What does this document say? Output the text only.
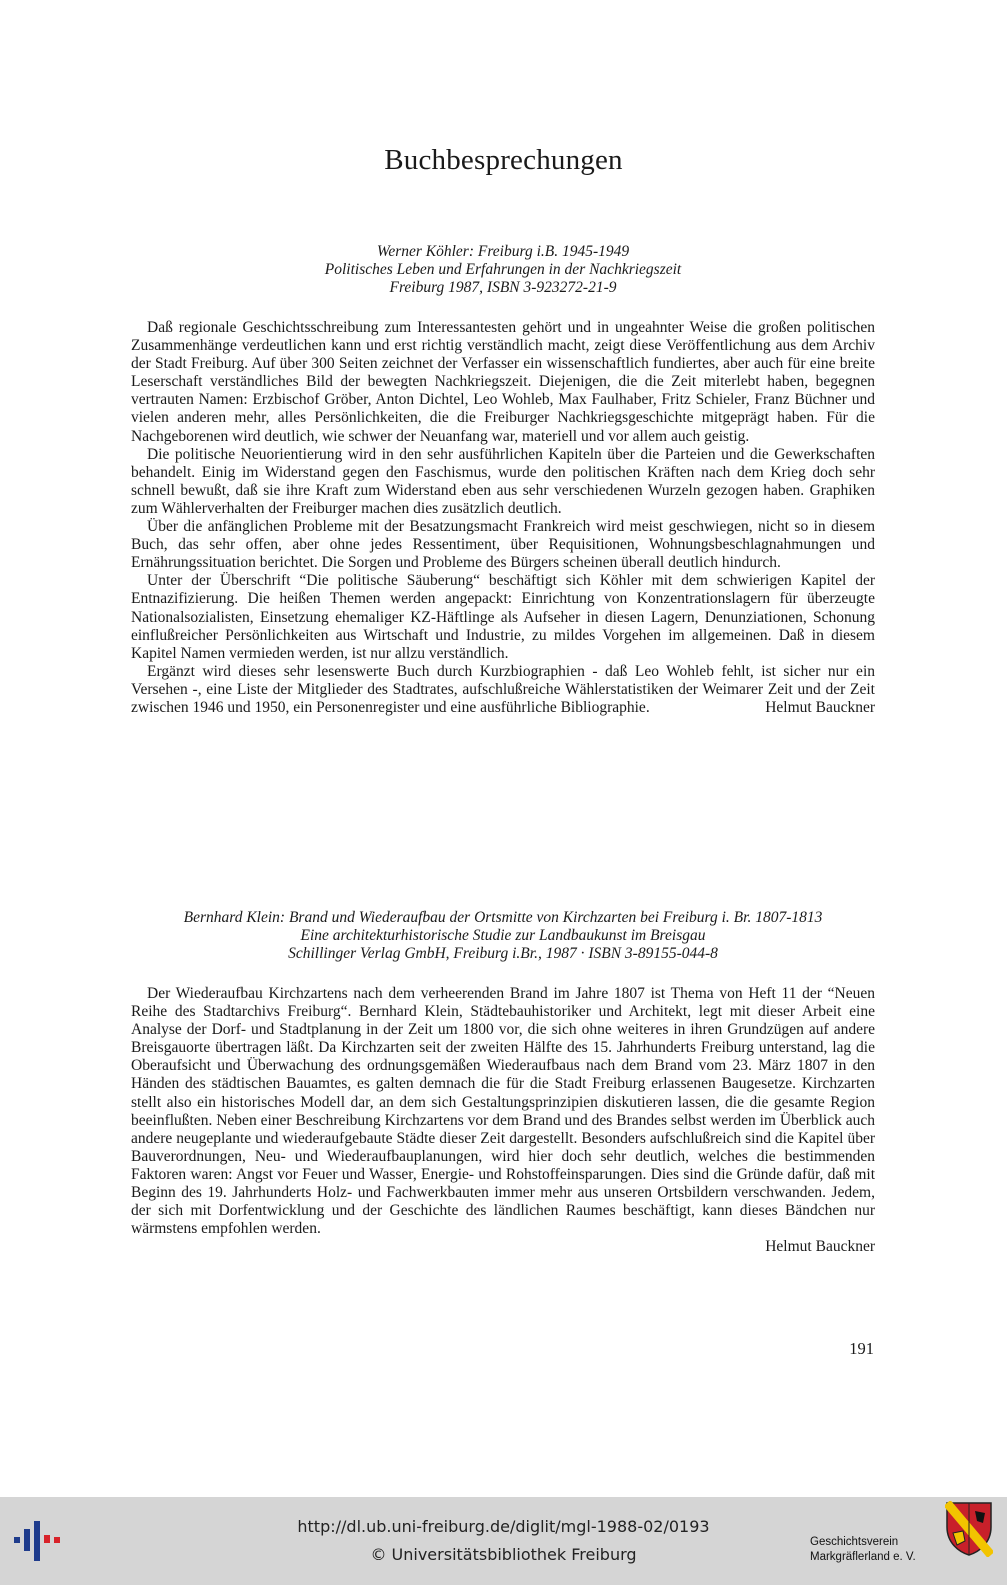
Buchbesprechungen
Werner Köhler: Freiburg i.B. 1945-1949
Politisches Leben und Erfahrungen in der Nachkriegszeit
Freiburg 1987, ISBN 3-923272-21-9

Daß regionale Geschichtsschreibung zum Interessantesten gehört und in ungeahnter Weise die großen politischen Zusammenhänge verdeutlichen kann und erst richtig verständlich macht, zeigt diese Veröffentlichung aus dem Archiv der Stadt Freiburg. Auf über 300 Seiten zeichnet der Verfasser ein wissenschaftlich fundiertes, aber auch für eine breite Leserschaft verständliches Bild der bewegten Nachkriegszeit. Diejenigen, die die Zeit miterlebt haben, begegnen vertrauten Namen: Erzbischof Gröber, Anton Dichtel, Leo Wohleb, Max Faulhaber, Fritz Schieler, Franz Büchner und vielen anderen mehr, alles Persönlichkeiten, die die Freiburger Nachkriegsgeschichte mitgeprägt haben. Für die Nachgeborenen wird deutlich, wie schwer der Neuanfang war, materiell und vor allem auch geistig.

Die politische Neuorientierung wird in den sehr ausführlichen Kapiteln über die Parteien und die Gewerkschaften behandelt. Einig im Widerstand gegen den Faschismus, wurde den politischen Kräften nach dem Krieg doch sehr schnell bewußt, daß sie ihre Kraft zum Widerstand eben aus sehr verschiedenen Wurzeln gezogen haben. Graphiken zum Wählerverhalten der Freiburger machen dies zusätzlich deutlich.

Über die anfänglichen Probleme mit der Besatzungsmacht Frankreich wird meist geschwiegen, nicht so in diesem Buch, das sehr offen, aber ohne jedes Ressentiment, über Requisitionen, Wohnungsbeschlagnahmungen und Ernährungssituation berichtet. Die Sorgen und Probleme des Bürgers scheinen überall deutlich hindurch.

Unter der Überschrift “Die politische Säuberung“ beschäftigt sich Köhler mit dem schwierigen Kapitel der Entnazifizierung. Die heißen Themen werden angepackt: Einrichtung von Konzentrationslagern für überzeugte Nationalsozialisten, Einsetzung ehemaliger KZ-Häftlinge als Aufseher in diesen Lagern, Denunziationen, Schonung einflußreicher Persönlichkeiten aus Wirtschaft und Industrie, zu mildes Vorgehen im allgemeinen. Daß in diesem Kapitel Namen vermieden werden, ist nur allzu verständlich.

Ergänzt wird dieses sehr lesenswerte Buch durch Kurzbiographien - daß Leo Wohleb fehlt, ist sicher nur ein Versehen -, eine Liste der Mitglieder des Stadtrates, aufschlußreiche Wählerstatistiken der Weimarer Zeit und der Zeit zwischen 1946 und 1950, ein Personenregister und eine ausführliche Bibliographie.	Helmut Bauckner

Bernhard Klein: Brand und Wiederaufbau der Ortsmitte von Kirchzarten bei Freiburg i. Br. 1807-1813
Eine architekturhistorische Studie zur Landbaukunst im Breisgau
Schillinger Verlag GmbH, Freiburg i.Br., 1987 · ISBN 3-89155-044-8

Der Wiederaufbau Kirchzartens nach dem verheerenden Brand im Jahre 1807 ist Thema von Heft 11 der “Neuen Reihe des Stadtarchivs Freiburg“. Bernhard Klein, Städtebauhistoriker und Architekt, legt mit dieser Arbeit eine Analyse der Dorf- und Stadtplanung in der Zeit um 1800 vor, die sich ohne weiteres in ihren Grundzügen auf andere Breisgauorte übertragen läßt. Da Kirchzarten seit der zweiten Hälfte des 15. Jahrhunderts Freiburg unterstand, lag die Oberaufsicht und Überwachung des ordnungsgemäßen Wiederaufbaus nach dem Brand vom 23. März 1807 in den Händen des städtischen Bauamtes, es galten demnach die für die Stadt Freiburg erlassenen Baugesetze. Kirchzarten stellt also ein historisches Modell dar, an dem sich Gestaltungsprinzipien diskutieren lassen, die die gesamte Region beeinflußten. Neben einer Beschreibung Kirchzartens vor dem Brand und des Brandes selbst werden im Überblick auch andere neugeplante und wiederaufgebaute Städte dieser Zeit dargestellt. Besonders aufschlußreich sind die Kapitel über Bauverordnungen, Neu- und Wiederaufbauplanungen, wird hier doch sehr deutlich, welches die bestimmenden Faktoren waren: Angst vor Feuer und Wasser, Energie- und Rohstoffeinsparungen. Dies sind die Gründe dafür, daß mit Beginn des 19. Jahrhunderts Holz- und Fachwerkbauten immer mehr aus unseren Ortsbildern verschwanden. Jedem, der sich mit Dorfentwicklung und der Geschichte des ländlichen Raumes beschäftigt, kann dieses Bändchen nur wärmstens empfohlen werden.

Helmut Bauckner
191
http://dl.ub.uni-freiburg.de/diglit/mgl-1988-02/0193
© Universitätsbibliothek Freiburg
Geschichtsverein
Markgräflerland e. V.
